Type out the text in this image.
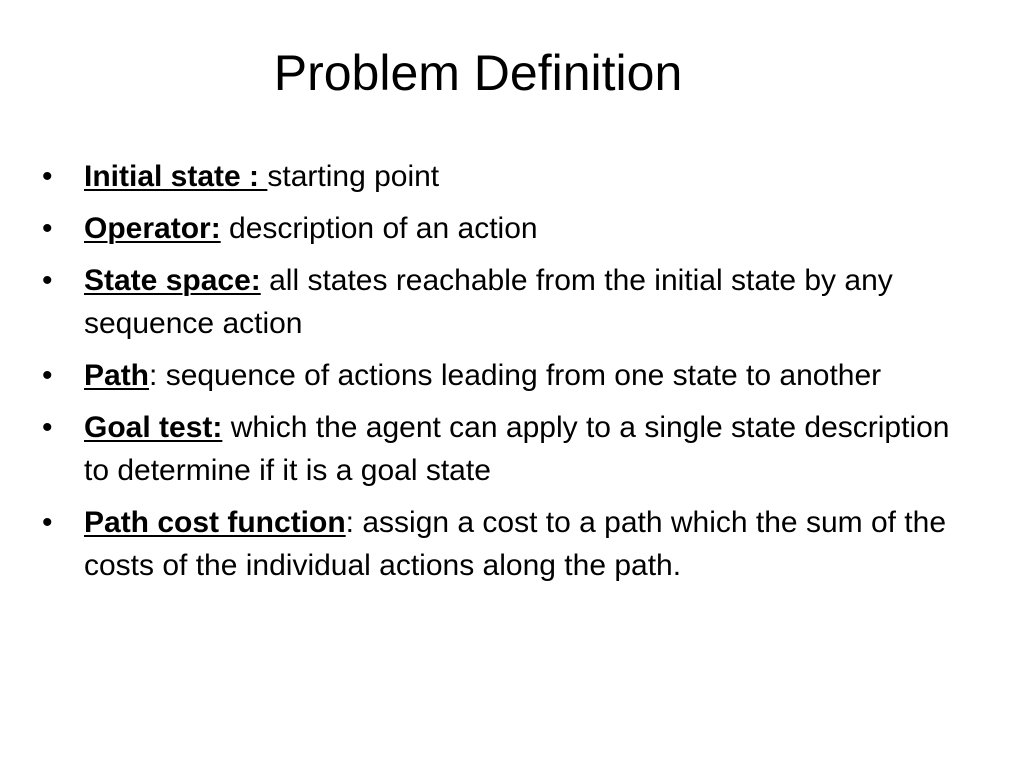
Problem Definition
• Initial state : starting point
• Operator: description of an action
• State space: all states reachable from the initial state by any sequence action
• Path: sequence of actions leading from one state to another
• Goal test: which the agent can apply to a single state description to determine if it is a goal state
• Path cost function: assign a cost to a path which the sum of the costs of the individual actions along the path.
